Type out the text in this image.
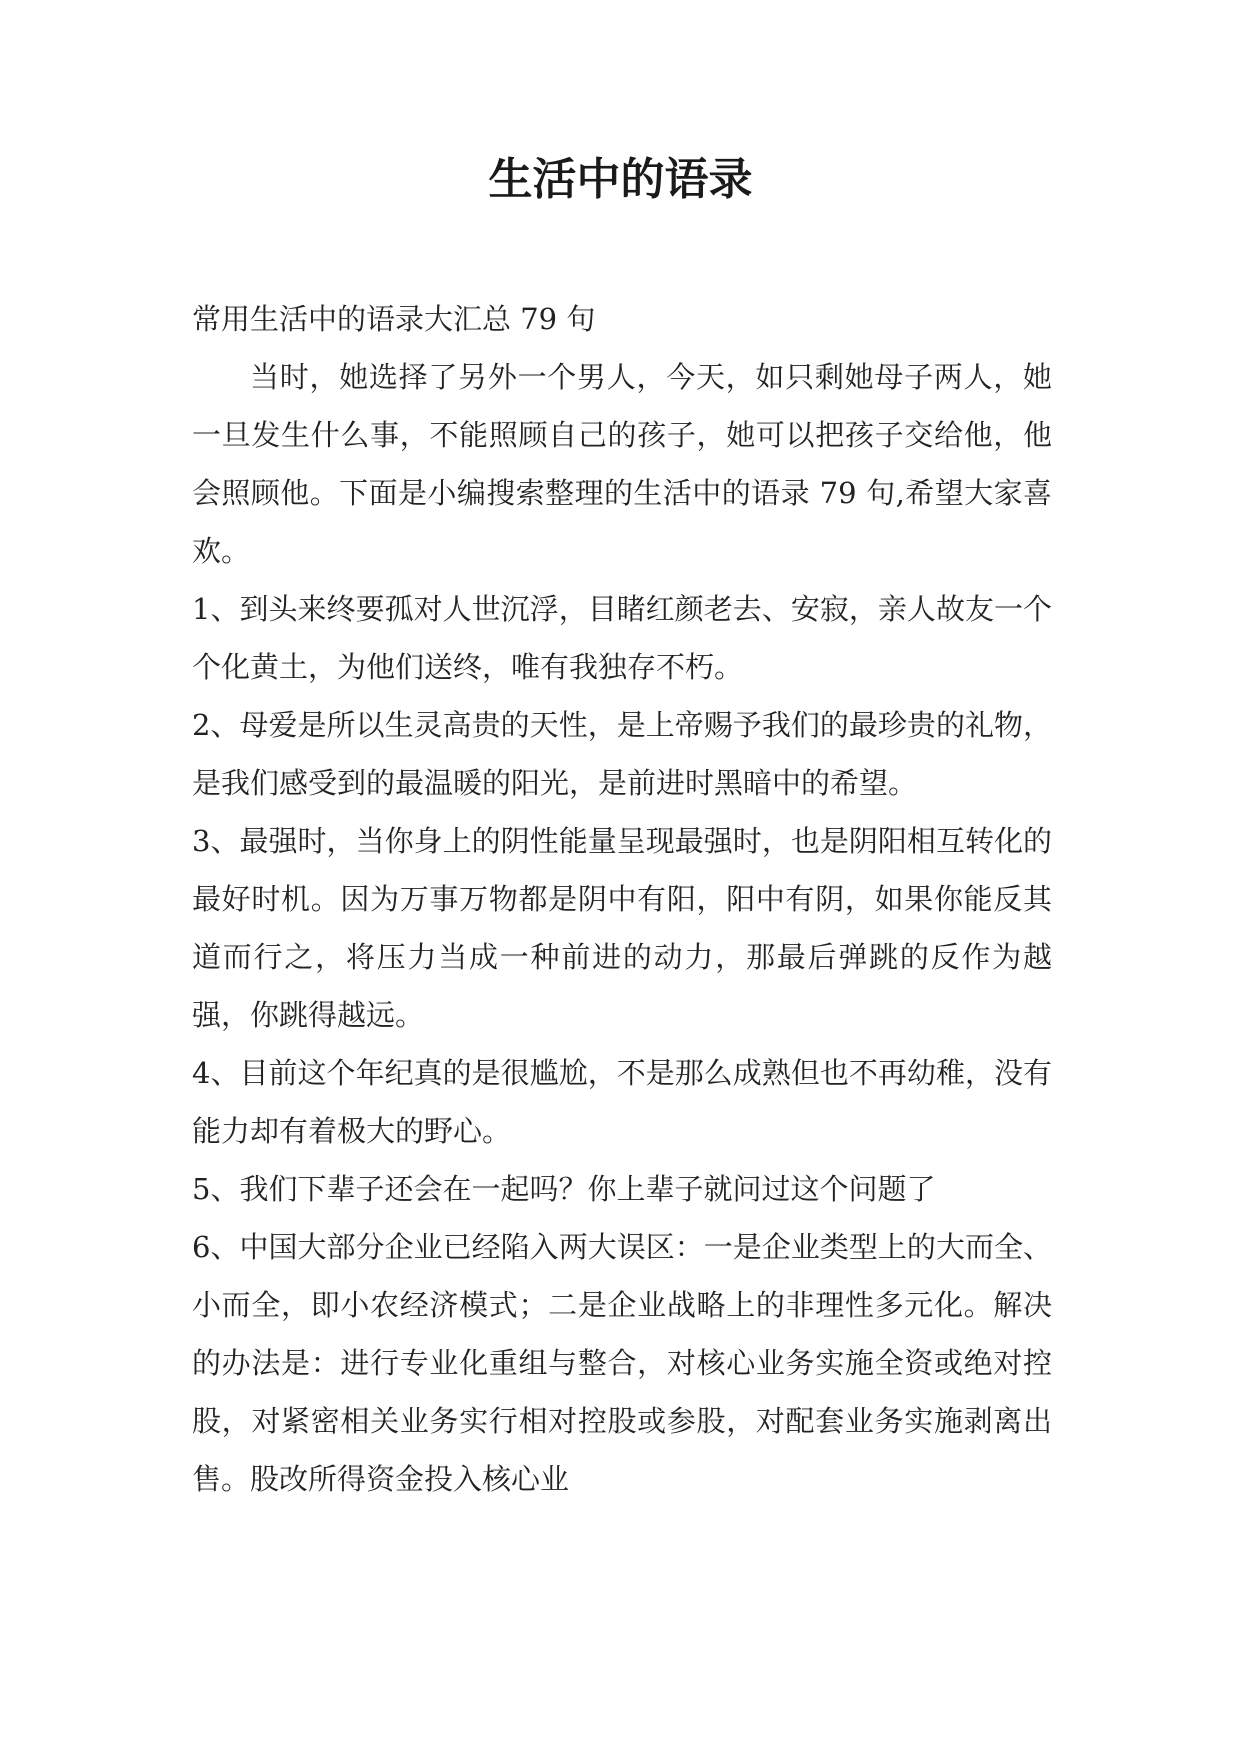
生活中的语录

常用生活中的语录大汇总 79 句

当时，她选择了另外一个男人，今天，如只剩她母子两人，她一旦发生什么事，不能照顾自己的孩子，她可以把孩子交给他，他会照顾他。下面是小编搜索整理的生活中的语录 79 句,希望大家喜欢。

1、到头来终要孤对人世沉浮，目睹红颜老去、安寂，亲人故友一个个化黄土，为他们送终，唯有我独存不朽。

2、母爱是所以生灵高贵的天性，是上帝赐予我们的最珍贵的礼物，是我们感受到的最温暖的阳光，是前进时黑暗中的希望。

3、最强时，当你身上的阴性能量呈现最强时，也是阴阳相互转化的最好时机。因为万事万物都是阴中有阳，阳中有阴，如果你能反其道而行之，将压力当成一种前进的动力，那最后弹跳的反作为越强，你跳得越远。

4、目前这个年纪真的是很尴尬，不是那么成熟但也不再幼稚，没有能力却有着极大的野心。

5、我们下辈子还会在一起吗？你上辈子就问过这个问题了

6、中国大部分企业已经陷入两大误区：一是企业类型上的大而全、小而全，即小农经济模式；二是企业战略上的非理性多元化。解决的办法是：进行专业化重组与整合，对核心业务实施全资或绝对控股，对紧密相关业务实行相对控股或参股，对配套业务实施剥离出售。股改所得资金投入核心业
